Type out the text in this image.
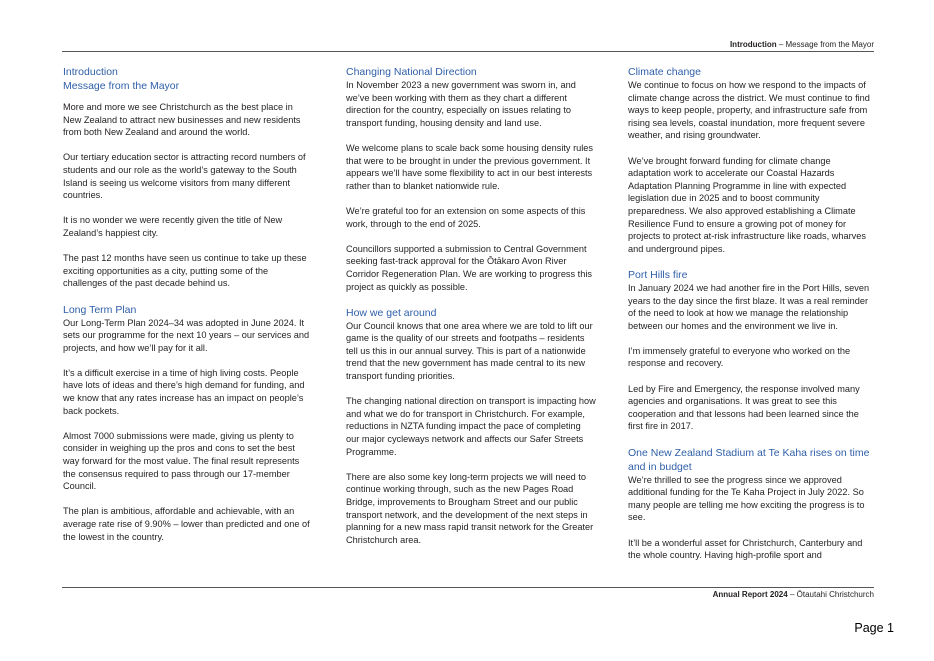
Introduction – Message from the Mayor
Introduction
Message from the Mayor

More and more we see Christchurch as the best place in New Zealand to attract new businesses and new residents from both New Zealand and around the world.

Our tertiary education sector is attracting record numbers of students and our role as the world’s gateway to the South Island is seeing us welcome visitors from many different countries.

It is no wonder we were recently given the title of New Zealand’s happiest city.

The past 12 months have seen us continue to take up these exciting opportunities as a city, putting some of the challenges of the past decade behind us.

Long Term Plan

Our Long-Term Plan 2024–34 was adopted in June 2024. It sets our programme for the next 10 years – our services and projects, and how we’ll pay for it all.

It’s a difficult exercise in a time of high living costs. People have lots of ideas and there’s high demand for funding, and we know that any rates increase has an impact on people’s back pockets.

Almost 7000 submissions were made, giving us plenty to consider in weighing up the pros and cons to set the best way forward for the most value. The final result represents the consensus required to pass through our 17-member Council.

The plan is ambitious, affordable and achievable, with an average rate rise of 9.90% – lower than predicted and one of the lowest in the country.

Changing National Direction

In November 2023 a new government was sworn in, and we’ve been working with them as they chart a different direction for the country, especially on issues relating to transport funding, housing density and land use.

We welcome plans to scale back some housing density rules that were to be brought in under the previous government. It appears we’ll have some flexibility to act in our best interests rather than to blanket nationwide rule.

We’re grateful too for an extension on some aspects of this work, through to the end of 2025.

Councillors supported a submission to Central Government seeking fast-track approval for the Ōtākaro Avon River Corridor Regeneration Plan. We are working to progress this project as quickly as possible.

How we get around

Our Council knows that one area where we are told to lift our game is the quality of our streets and footpaths – residents tell us this in our annual survey. This is part of a nationwide trend that the new government has made central to its new transport funding priorities.

The changing national direction on transport is impacting how and what we do for transport in Christchurch. For example, reductions in NZTA funding impact the pace of completing our major cycleways network and affects our Safer Streets Programme.

There are also some key long-term projects we will need to continue working through, such as the new Pages Road Bridge, improvements to Brougham Street and our public transport network, and the development of the next steps in planning for a new mass rapid transit network for the Greater Christchurch area.

Climate change

We continue to focus on how we respond to the impacts of climate change across the district. We must continue to find ways to keep people, property, and infrastructure safe from rising sea levels, coastal inundation, more frequent severe weather, and rising groundwater.

We’ve brought forward funding for climate change adaptation work to accelerate our Coastal Hazards Adaptation Planning Programme in line with expected legislation due in 2025 and to boost community preparedness. We also approved establishing a Climate Resilience Fund to ensure a growing pot of money for projects to protect at-risk infrastructure like roads, wharves and underground pipes.

Port Hills fire

In January 2024 we had another fire in the Port Hills, seven years to the day since the first blaze. It was a real reminder of the need to look at how we manage the relationship between our homes and the environment we live in.

I’m immensely grateful to everyone who worked on the response and recovery.

Led by Fire and Emergency, the response involved many agencies and organisations. It was great to see this cooperation and that lessons had been learned since the first fire in 2017.

One New Zealand Stadium at Te Kaha rises on time and in budget

We’re thrilled to see the progress since we approved additional funding for the Te Kaha Project in July 2022. So many people are telling me how exciting the progress is to see.

It’ll be a wonderful asset for Christchurch, Canterbury and the whole country. Having high-profile sport and

Annual Report 2024 – Ōtautahi Christchurch
Page 1
